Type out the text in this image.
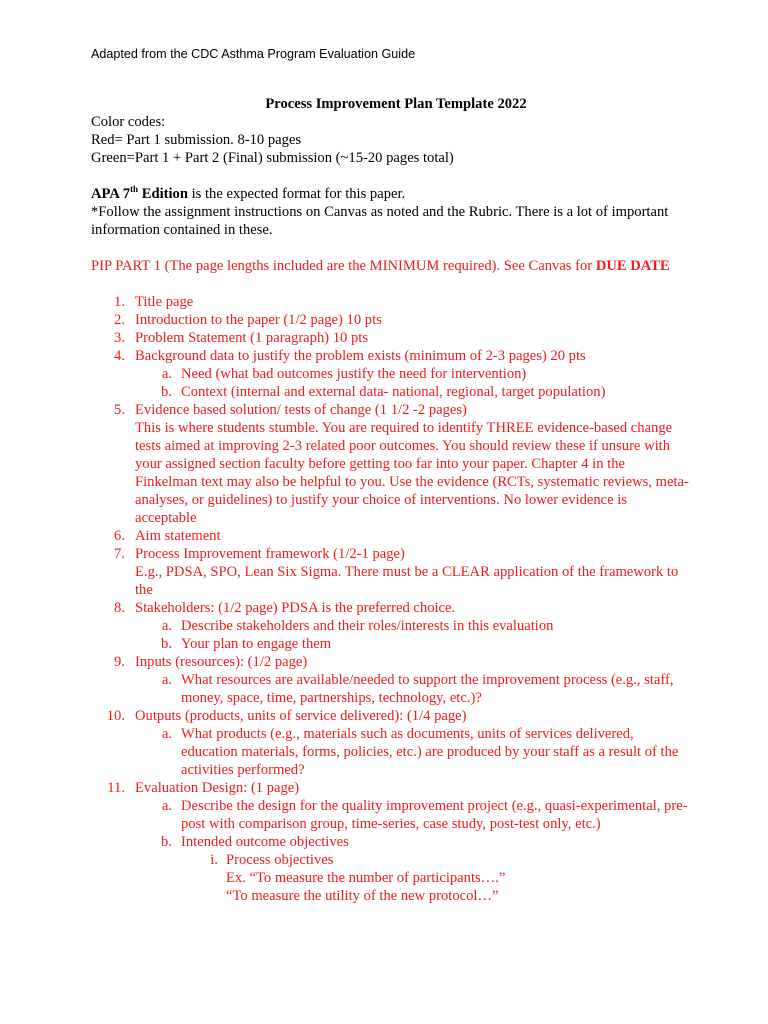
Adapted from the CDC Asthma Program Evaluation Guide
Process Improvement Plan Template 2022
Color codes:
Red= Part 1 submission. 8-10 pages
Green=Part 1 + Part 2 (Final) submission (~15-20 pages total)
APA 7th Edition is the expected format for this paper.
*Follow the assignment instructions on Canvas as noted and the Rubric. There is a lot of important information contained in these.
PIP PART 1 (The page lengths included are the MINIMUM required). See Canvas for DUE DATE
1. Title page
2. Introduction to the paper (1/2 page) 10 pts
3. Problem Statement (1 paragraph) 10 pts
4. Background data to justify the problem exists (minimum of 2-3 pages) 20 pts
a. Need (what bad outcomes justify the need for intervention)
b. Context (internal and external data- national, regional, target population)
5. Evidence based solution/ tests of change (1 1/2 -2 pages)
This is where students stumble. You are required to identify THREE evidence-based change tests aimed at improving 2-3 related poor outcomes. You should review these if unsure with your assigned section faculty before getting too far into your paper. Chapter 4 in the Finkelman text may also be helpful to you. Use the evidence (RCTs, systematic reviews, meta-analyses, or guidelines) to justify your choice of interventions. No lower evidence is acceptable
6. Aim statement
7. Process Improvement framework (1/2-1 page)
E.g., PDSA, SPO, Lean Six Sigma. There must be a CLEAR application of the framework to the
8. Stakeholders: (1/2 page) PDSA is the preferred choice.
a. Describe stakeholders and their roles/interests in this evaluation
b. Your plan to engage them
9. Inputs (resources): (1/2 page)
a. What resources are available/needed to support the improvement process (e.g., staff, money, space, time, partnerships, technology, etc.)?
10. Outputs (products, units of service delivered): (1/4 page)
a. What products (e.g., materials such as documents, units of services delivered, education materials, forms, policies, etc.) are produced by your staff as a result of the activities performed?
11. Evaluation Design: (1 page)
a. Describe the design for the quality improvement project (e.g., quasi-experimental, pre-post with comparison group, time-series, case study, post-test only, etc.)
b. Intended outcome objectives
i. Process objectives
Ex. “To measure the number of participants….”
“To measure the utility of the new protocol…”
